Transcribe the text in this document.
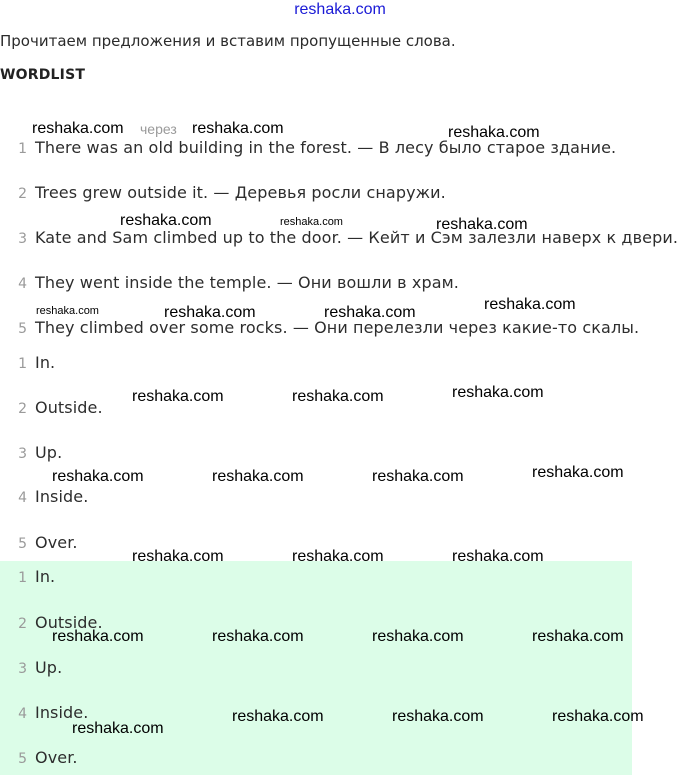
reshaka.com
Прочитаем предложения и вставим пропущенные слова.
WORDLIST
через
1 There was an old building in the forest. — В лесу было старое здание.
2 Trees grew outside it. — Деревья росли снаружи.
3 Kate and Sam climbed up to the door. — Кейт и Сэм залезли наверх к двери.
4 They went inside the temple. — Они вошли в храм.
5 They climbed over some rocks. — Они перелезли через какие-то скалы.
1 In.
2 Outside.
3 Up.
4 Inside.
5 Over.
1 In.
2 Outside.
3 Up.
4 Inside.
5 Over.
reshaka.com	reshaka.com	reshaka.com
reshaka.com	reshaka.com	reshaka.com
reshaka.com	reshaka.com	reshaka.com	reshaka.com
reshaka.com	reshaka.com	reshaka.com
reshaka.com	reshaka.com	reshaka.com	reshaka.com
reshaka.com	reshaka.com	reshaka.com
reshaka.com	reshaka.com	reshaka.com	reshaka.com
reshaka.com	reshaka.com	reshaka.com
reshaka.com
